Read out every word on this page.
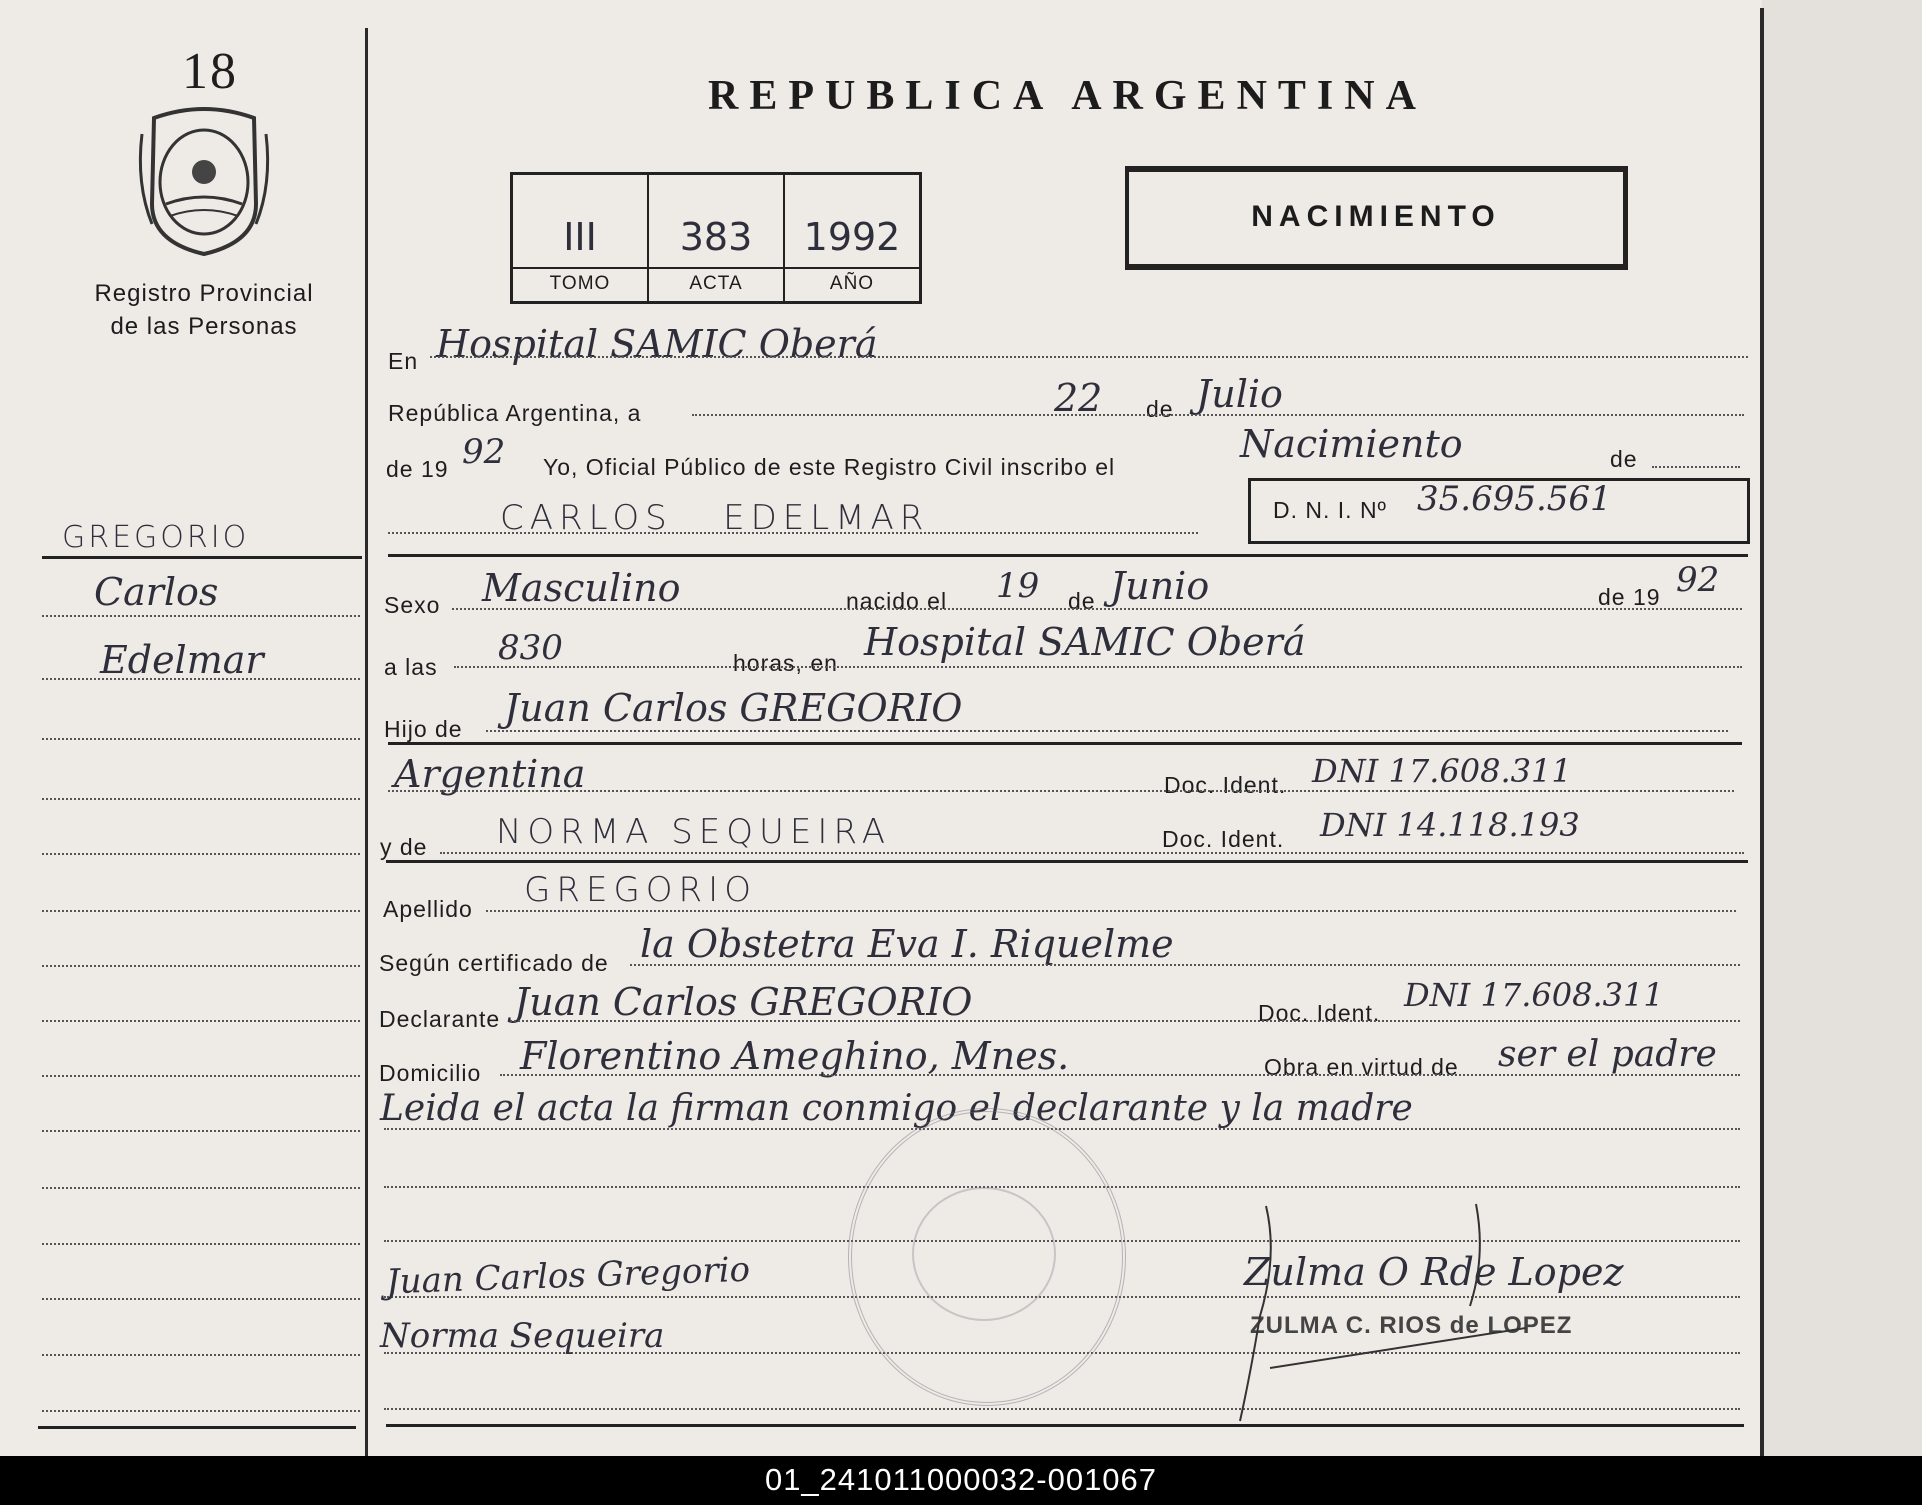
18
Registro Provincial
de las Personas
GREGORIO
Carlos
Edelmar
REPUBLICA ARGENTINA
III
TOMO
383
ACTA
1992
AÑO
NACIMIENTO
En Hospital SAMIC Oberá
República Argentina, a	22 de Julio
de 19 92 Yo, Oficial Público de este Registro Civil inscribo el
Nacimiento	de
CARLOS   EDELMAR	D. N. I. Nº 35.695.561
Sexo Masculino	nacido el 19 de Junio	de 19 92
a las 830	horas, en Hospital SAMIC Oberá
Hijo de Juan Carlos GREGORIO
Argentina	Doc. Ident. DNI 17.608.311
y de NORMA SEQUEIRA	Doc. Ident. DNI 14.118.193
Apellido GREGORIO
Según certificado de la Obstetra Eva I. Riquelme
Declarante Juan Carlos GREGORIO	Doc. Ident. DNI 17.608.311
Domicilio Florentino Ameghino, Mnes.	Obra en virtud de ser el padre
Leida el acta la firman conmigo el declarante y la madre
Juan Carlos Gregorio
Norma Sequeira
Zulma O Rde Lopez
ZULMA C. RIOS de LOPEZ
01_241011000032-001067
